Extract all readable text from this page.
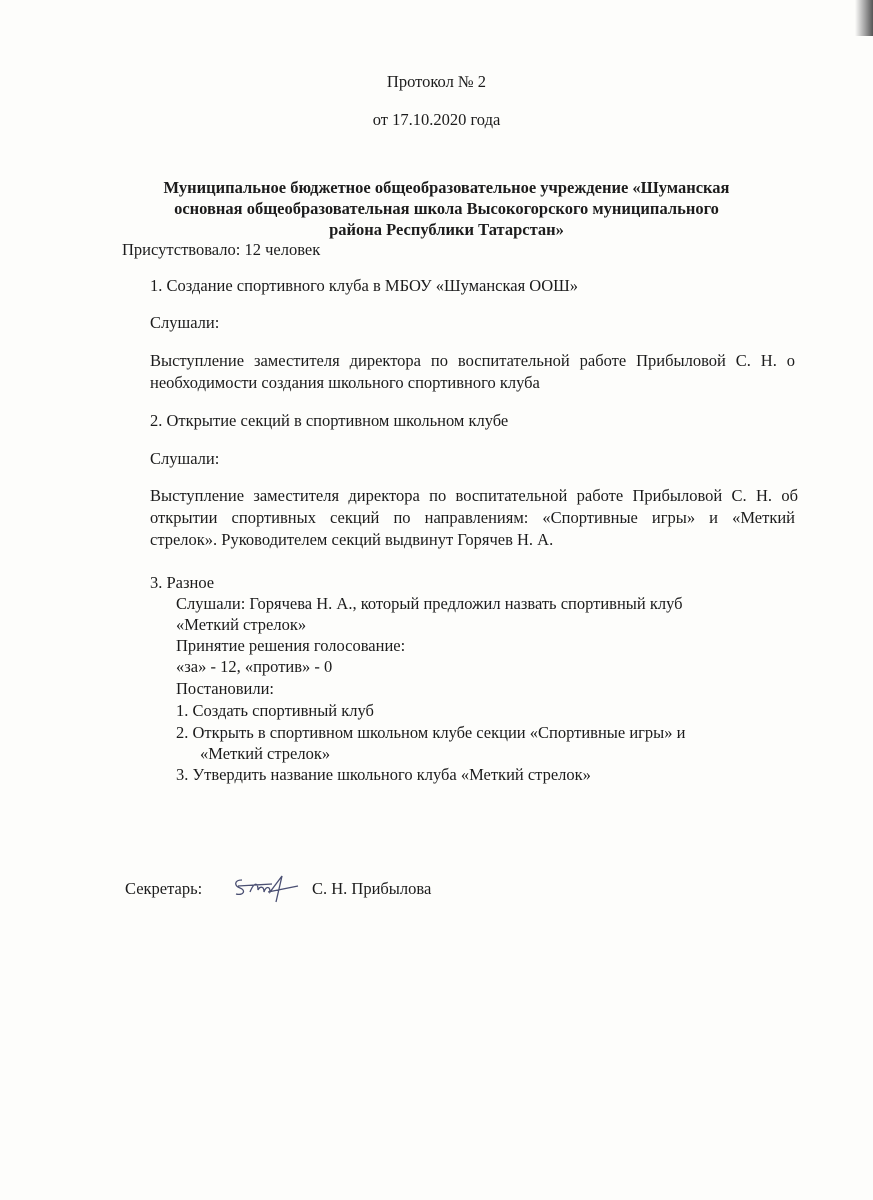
Протокол № 2
от 17.10.2020 года
Муниципальное бюджетное общеобразовательное учреждение «Шуманская
основная общеобразовательная школа Высокогорского муниципального
района Республики Татарстан»
Присутствовало: 12 человек
1. Создание спортивного клуба в МБОУ «Шуманская ООШ»
Слушали:
Выступление заместителя директора по воспитательной работе Прибыловой С. Н. о
необходимости создания школьного спортивного клуба
2. Открытие секций в спортивном школьном клубе
Слушали:
Выступление заместителя директора по воспитательной работе Прибыловой С. Н. об
открытии спортивных секций по направлениям: «Спортивные игры» и «Меткий
стрелок». Руководителем секций выдвинут Горячев Н. А.
3. Разное
Слушали: Горячева Н. А., который предложил назвать спортивный клуб
«Меткий стрелок»
Принятие решения голосование:
«за» - 12, «против» - 0
Постановили:
1. Создать спортивный клуб
2. Открыть в спортивном школьном клубе секции «Спортивные игры» и
«Меткий стрелок»
3. Утвердить название школьного клуба «Меткий стрелок»
Секретарь:	С. Н. Прибылова
